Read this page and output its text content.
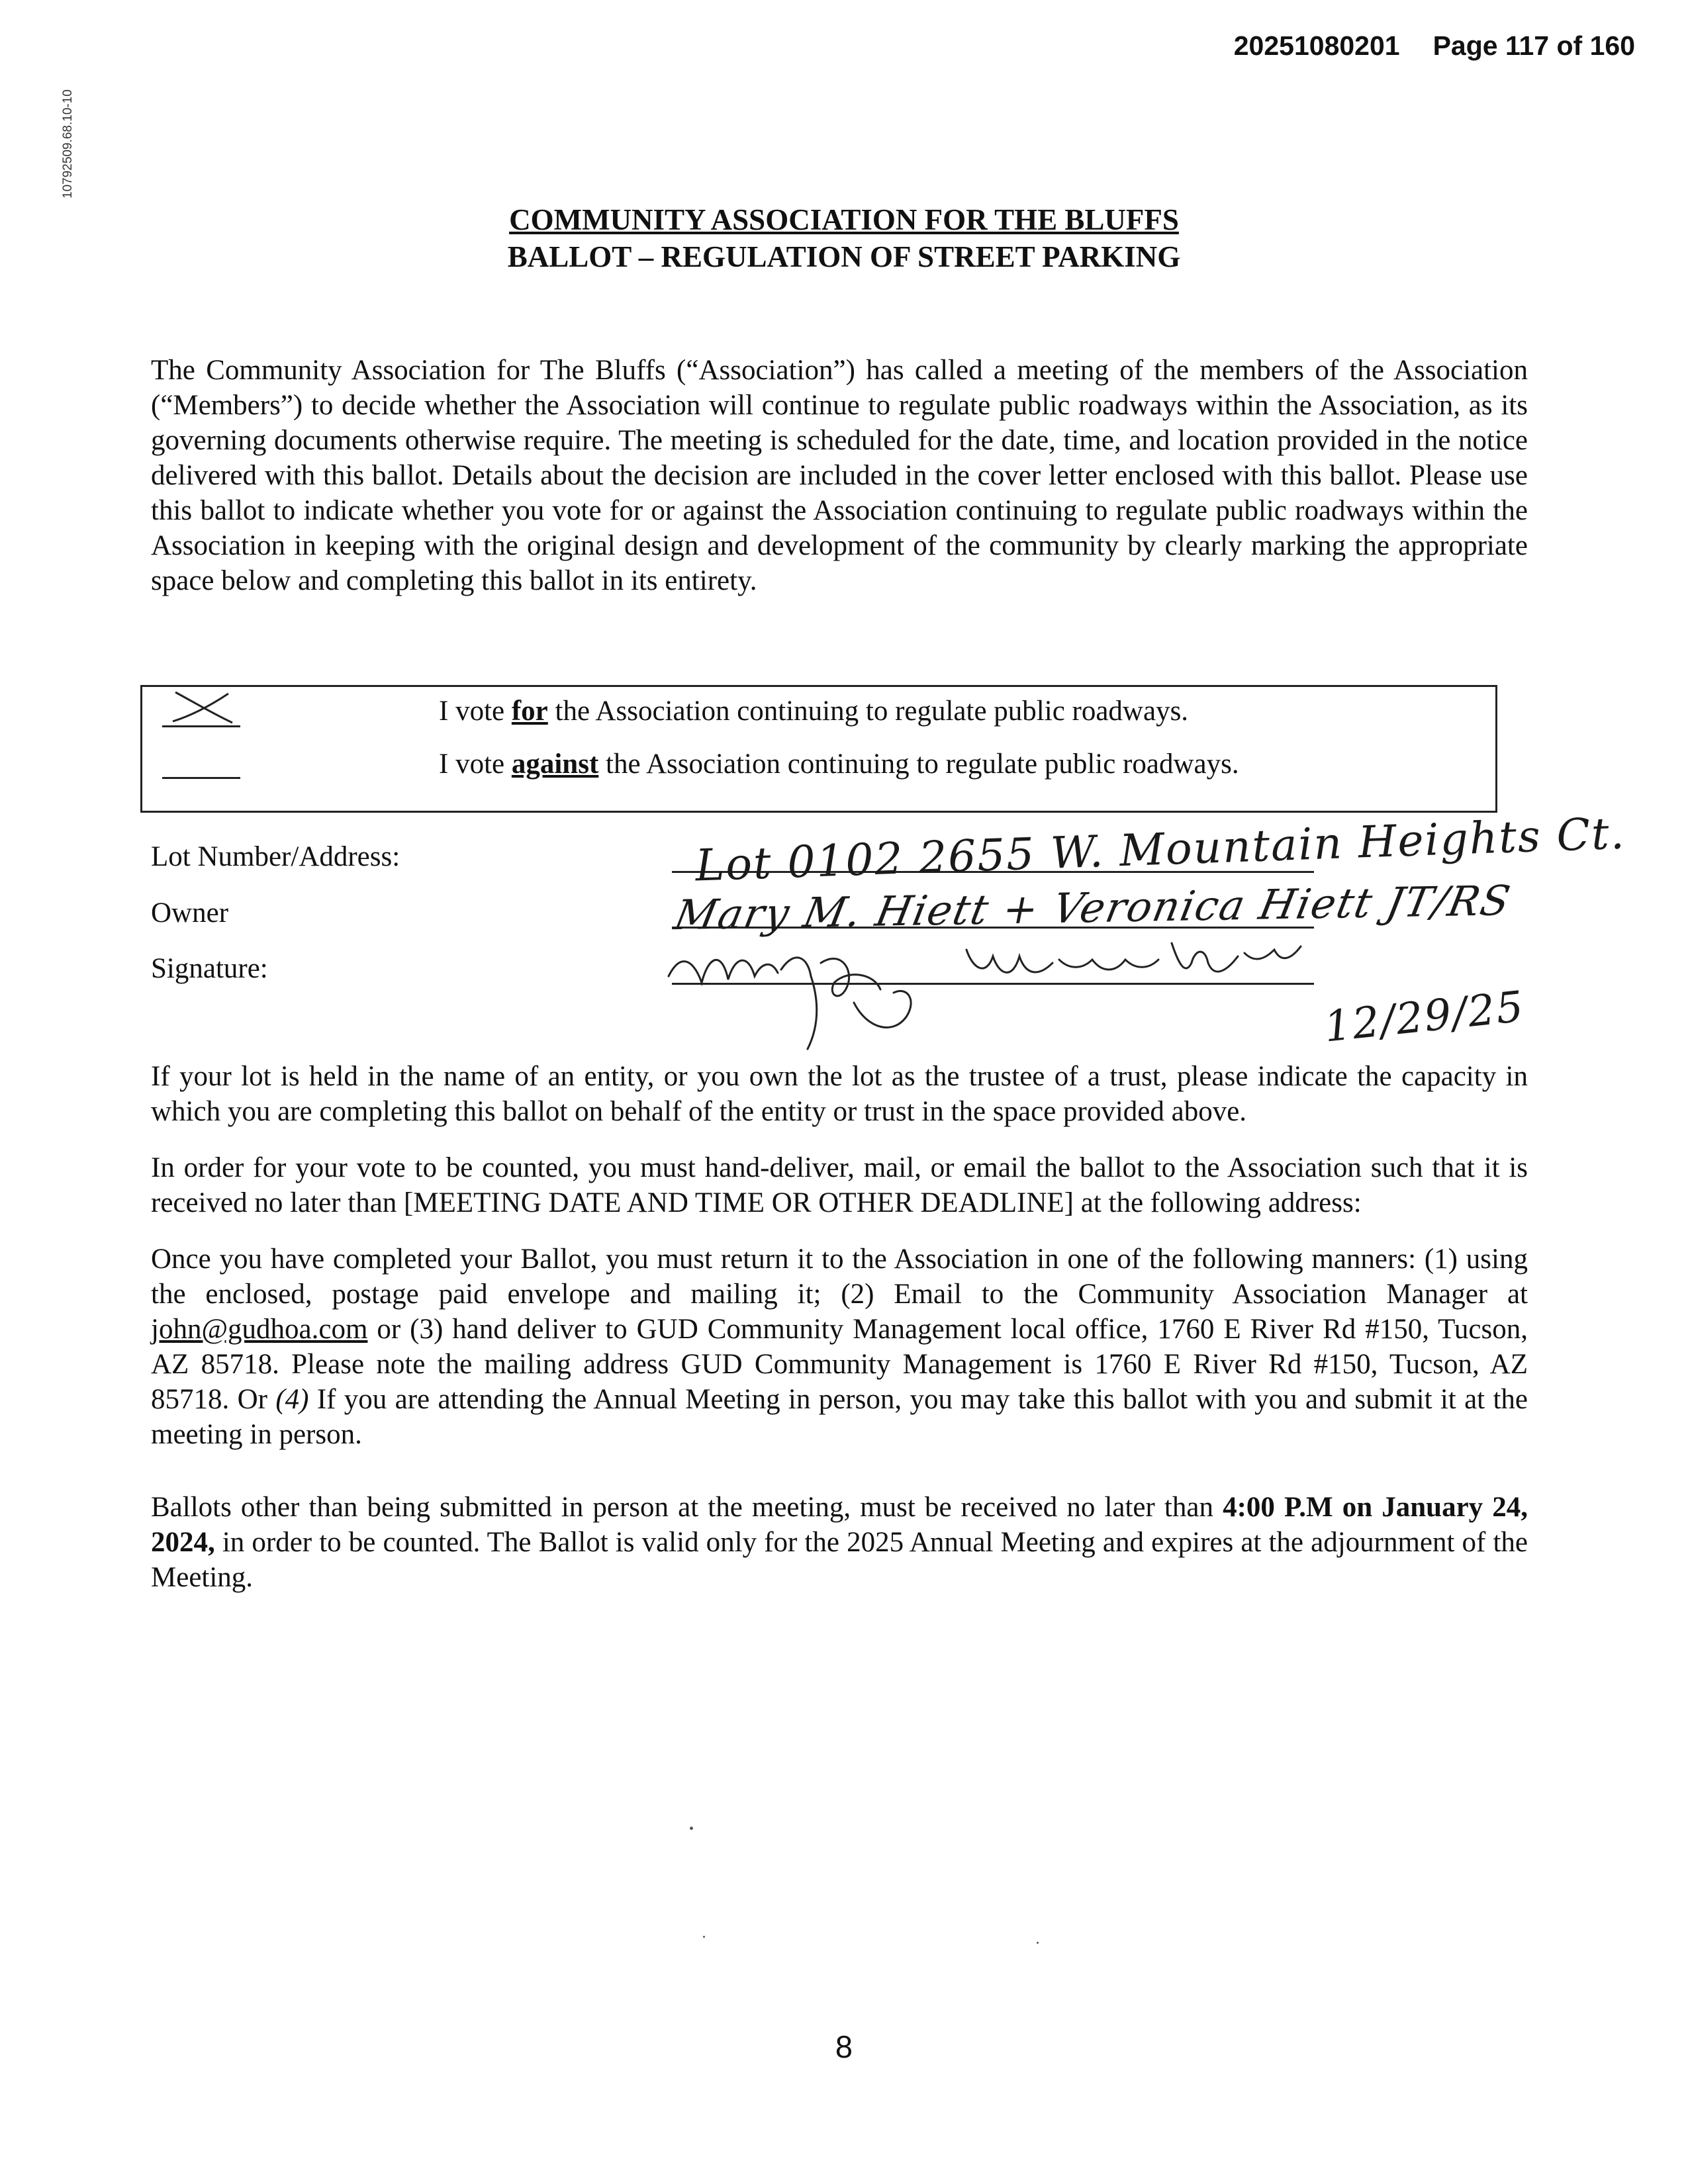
20251080201 Page 117 of 160
10792509.68.10-10
COMMUNITY ASSOCIATION FOR THE BLUFFS
BALLOT – REGULATION OF STREET PARKING

The Community Association for The Bluffs (“Association”) has called a meeting of the members of the Association (“Members”) to decide whether the Association will continue to regulate public roadways within the Association, as its governing documents otherwise require. The meeting is scheduled for the date, time, and location provided in the notice delivered with this ballot. Details about the decision are included in the cover letter enclosed with this ballot. Please use this ballot to indicate whether you vote for or against the Association continuing to regulate public roadways within the Association in keeping with the original design and development of the community by clearly marking the appropriate space below and completing this ballot in its entirety.

I vote for the Association continuing to regulate public roadways.
I vote against the Association continuing to regulate public roadways.
Lot Number/Address:	Lot 0102 2655 W. Mountain Heights Ct.
Owner	Mary M. Hiett + Veronica Hiett JT/RS
Signature:
12/29/25

If your lot is held in the name of an entity, or you own the lot as the trustee of a trust, please indicate the capacity in which you are completing this ballot on behalf of the entity or trust in the space provided above.

In order for your vote to be counted, you must hand-deliver, mail, or email the ballot to the Association such that it is received no later than [MEETING DATE AND TIME OR OTHER DEADLINE] at the following address:

Once you have completed your Ballot, you must return it to the Association in one of the following manners: (1) using the enclosed, postage paid envelope and mailing it; (2) Email to the Community Association Manager at john@gudhoa.com or (3) hand deliver to GUD Community Management local office, 1760 E River Rd #150, Tucson, AZ 85718. Please note the mailing address GUD Community Management is 1760 E River Rd #150, Tucson, AZ 85718. Or (4) If you are attending the Annual Meeting in person, you may take this ballot with you and submit it at the meeting in person.

Ballots other than being submitted in person at the meeting, must be received no later than 4:00 P.M on January 24, 2024, in order to be counted. The Ballot is valid only for the 2025 Annual Meeting and expires at the adjournment of the Meeting.

8
